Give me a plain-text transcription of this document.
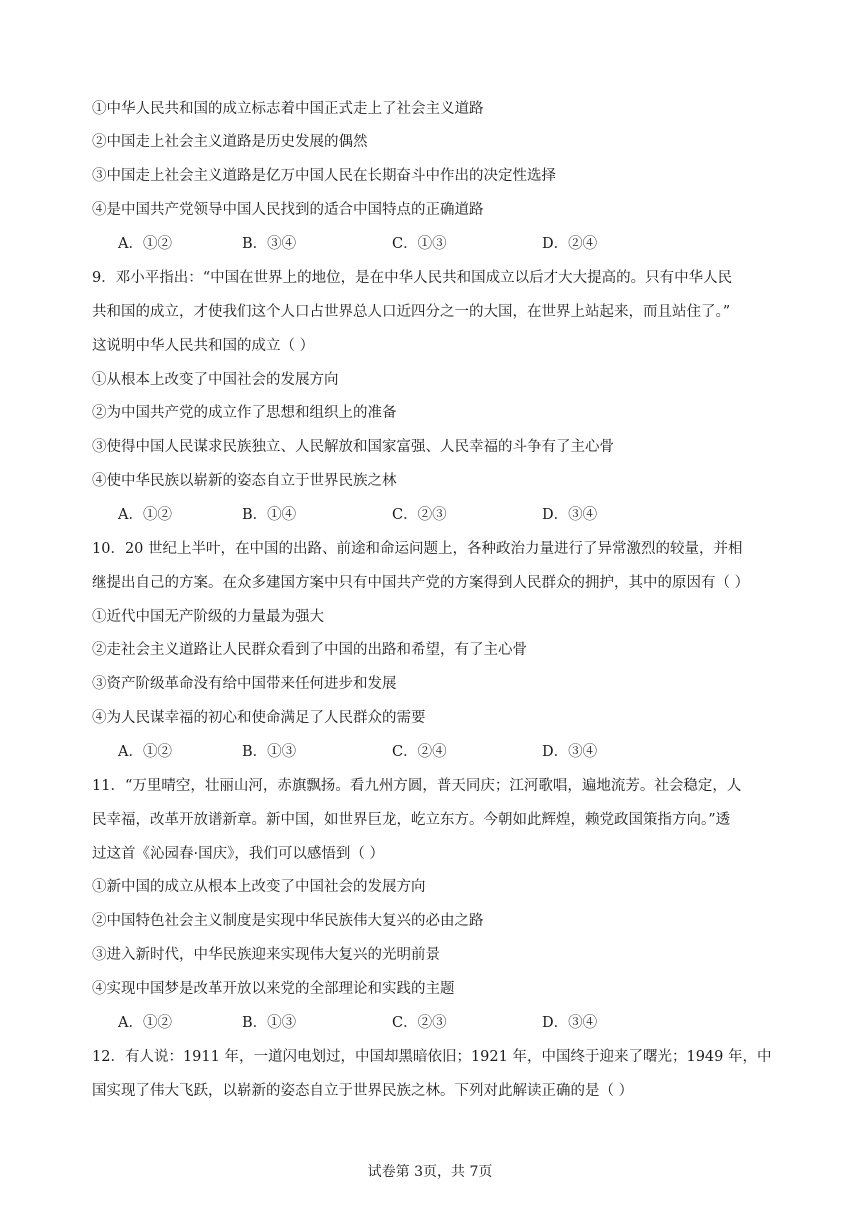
①中华人民共和国的成立标志着中国正式走上了社会主义道路
②中国走上社会主义道路是历史发展的偶然
③中国走上社会主义道路是亿万中国人民在长期奋斗中作出的决定性选择
④是中国共产党领导中国人民找到的适合中国特点的正确道路
A．①②	B．③④	C．①③	D．②④
9．邓小平指出：“中国在世界上的地位，是在中华人民共和国成立以后才大大提高的。只有中华人民
共和国的成立，才使我们这个人口占世界总人口近四分之一的大国，在世界上站起来，而且站住了。”
这说明中华人民共和国的成立（ ）
①从根本上改变了中国社会的发展方向
②为中国共产党的成立作了思想和组织上的准备
③使得中国人民谋求民族独立、人民解放和国家富强、人民幸福的斗争有了主心骨
④使中华民族以崭新的姿态自立于世界民族之林
A．①②	B．①④	C．②③	D．③④
10．20 世纪上半叶，在中国的出路、前途和命运问题上，各种政治力量进行了异常激烈的较量，并相
继提出自己的方案。在众多建国方案中只有中国共产党的方案得到人民群众的拥护，其中的原因有（ ）
①近代中国无产阶级的力量最为强大
②走社会主义道路让人民群众看到了中国的出路和希望，有了主心骨
③资产阶级革命没有给中国带来任何进步和发展
④为人民谋幸福的初心和使命满足了人民群众的需要
A．①②	B．①③	C．②④	D．③④
11．“万里晴空，壮丽山河，赤旗飘扬。看九州方圆，普天同庆；江河歌唱，遍地流芳。社会稳定，人
民幸福，改革开放谱新章。新中国，如世界巨龙，屹立东方。今朝如此辉煌，赖党政国策指方向。”透
过这首《沁园春·国庆》，我们可以感悟到（ ）
①新中国的成立从根本上改变了中国社会的发展方向
②中国特色社会主义制度是实现中华民族伟大复兴的必由之路
③进入新时代，中华民族迎来实现伟大复兴的光明前景
④实现中国梦是改革开放以来党的全部理论和实践的主题
A．①②	B．①③	C．②③	D．③④
12．有人说：1911 年，一道闪电划过，中国却黑暗依旧；1921 年，中国终于迎来了曙光；1949 年，中
国实现了伟大飞跃，以崭新的姿态自立于世界民族之林。下列对此解读正确的是（ ）
试卷第 3页，共 7页
